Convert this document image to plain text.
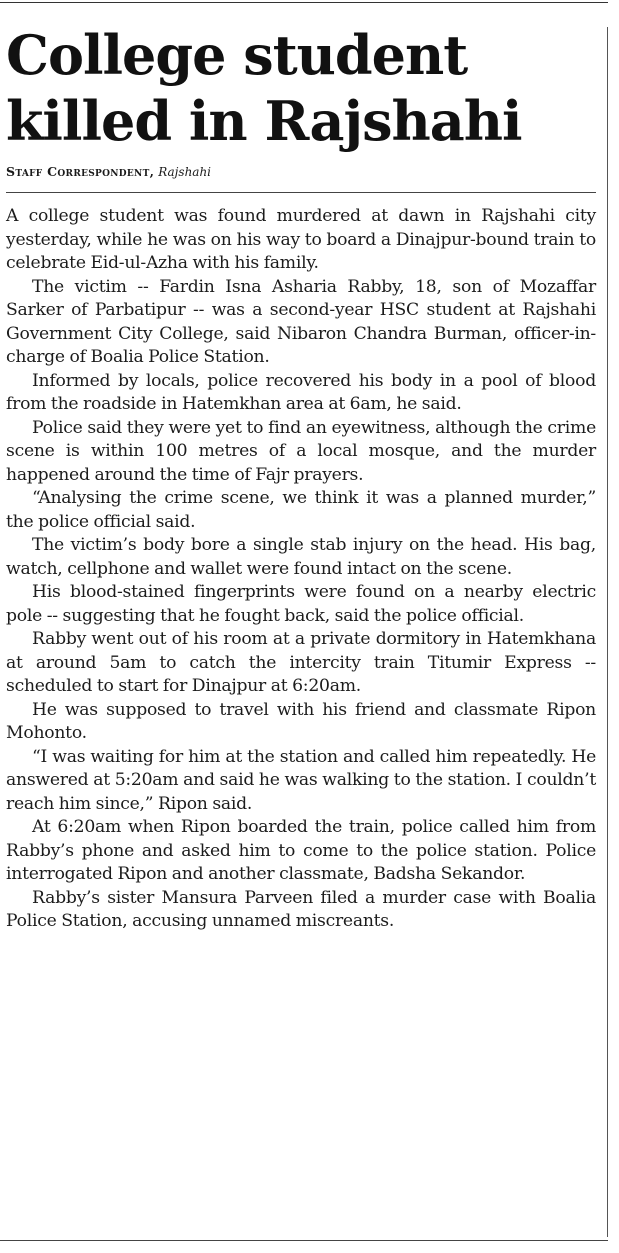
College student killed in Rajshahi
Staff Correspondent, Rajshahi

A college student was found murdered at dawn in Rajshahi city yesterday, while he was on his way to board a Dinajpur-bound train to celebrate Eid-ul-Azha with his family.

The victim -- Fardin Isna Asharia Rabby, 18, son of Mozaffar Sarker of Parbatipur -- was a second-year HSC student at Rajshahi Government City College, said Nibaron Chandra Burman, officer-in-charge of Boalia Police Station.

Informed by locals, police recovered his body in a pool of blood from the roadside in Hatemkhan area at 6am, he said.

Police said they were yet to find an eyewitness, although the crime scene is within 100 metres of a local mosque, and the murder happened around the time of Fajr prayers.

“Analysing the crime scene, we think it was a planned murder,” the police official said.

The victim’s body bore a single stab injury on the head. His bag, watch, cellphone and wallet were found intact on the scene.

His blood-stained fingerprints were found on a nearby electric pole -- suggesting that he fought back, said the police official.

Rabby went out of his room at a private dormitory in Hatemkhana at around 5am to catch the intercity train Titumir Express -- scheduled to start for Dinajpur at 6:20am.

He was supposed to travel with his friend and classmate Ripon Mohonto.

“I was waiting for him at the station and called him repeatedly. He answered at 5:20am and said he was walking to the station. I couldn’t reach him since,” Ripon said.

At 6:20am when Ripon boarded the train, police called him from Rabby’s phone and asked him to come to the police station. Police interrogated Ripon and another classmate, Badsha Sekandor.

Rabby’s sister Mansura Parveen filed a murder case with Boalia Police Station, accusing unnamed miscreants.
